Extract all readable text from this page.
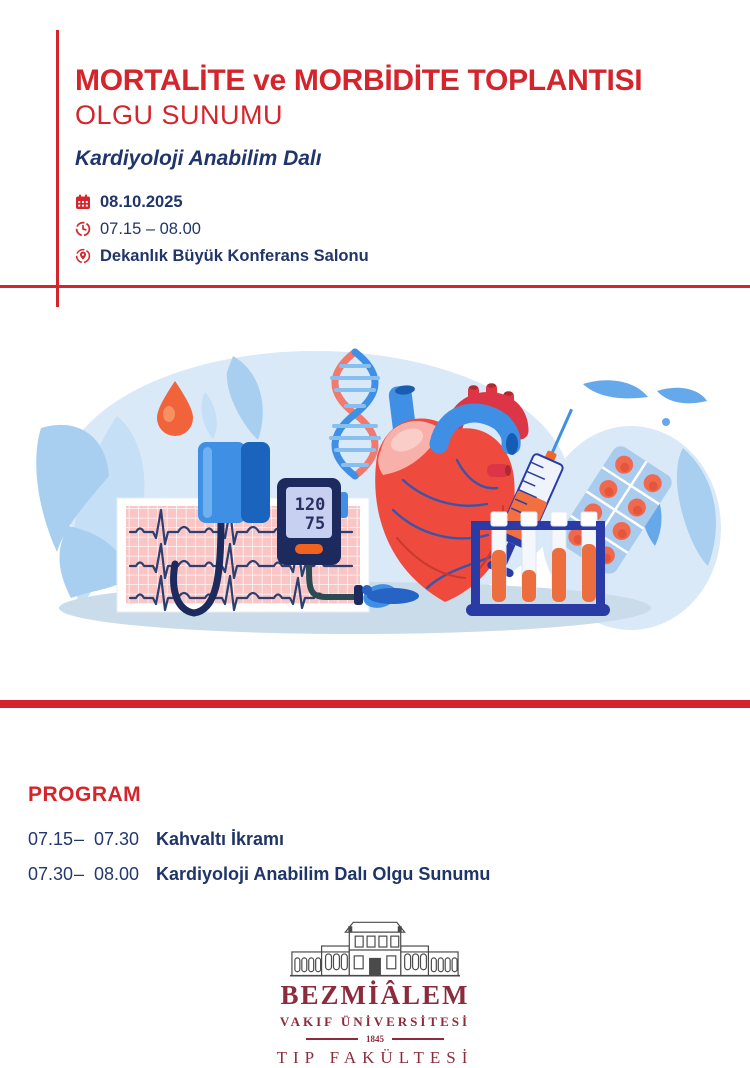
MORTALİTE ve MORBİDİTE TOPLANTISI
OLGU SUNUMU
Kardiyoloji Anabilim Dalı
08.10.2025
07.15 – 08.00
Dekanlık Büyük Konferans Salonu
120
75
PROGRAM
07.15 – 07.30 Kahvaltı İkramı
07.30 – 08.00 Kardiyoloji Anabilim Dalı Olgu Sunumu
BEZMİÂLEM
VAKIF ÜNİVERSİTESİ
1845
TIP FAKÜLTESİ
